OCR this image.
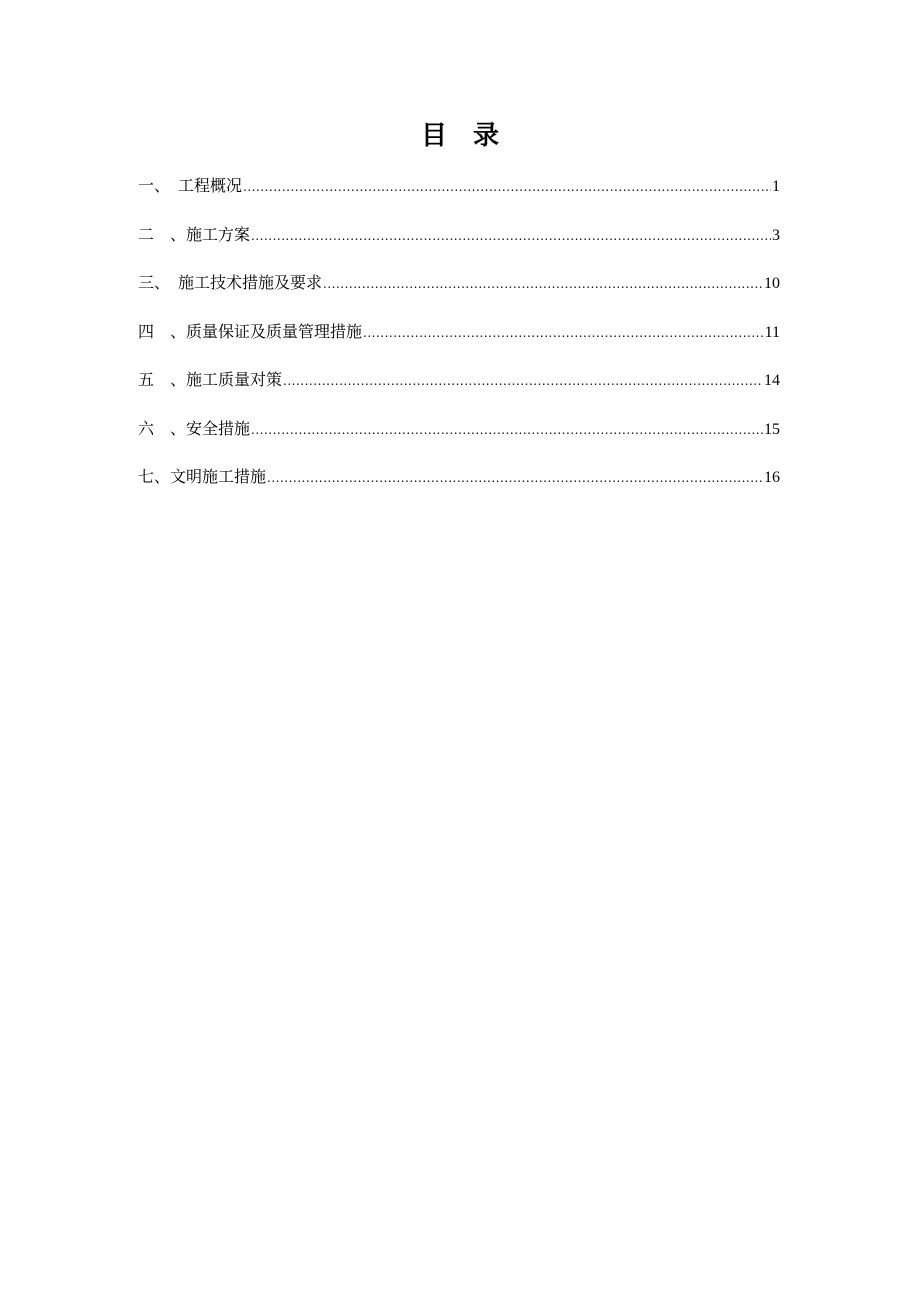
目　录
一、　工程概况 .....	1
二　、施工方案 .....	3
三、　施工技术措施及要求 .....	10
四　、质量保证及质量管理措施 .....	11
五　、施工质量对策 .....	14
六　、安全措施 .....	15
七、文明施工措施 .....	16
